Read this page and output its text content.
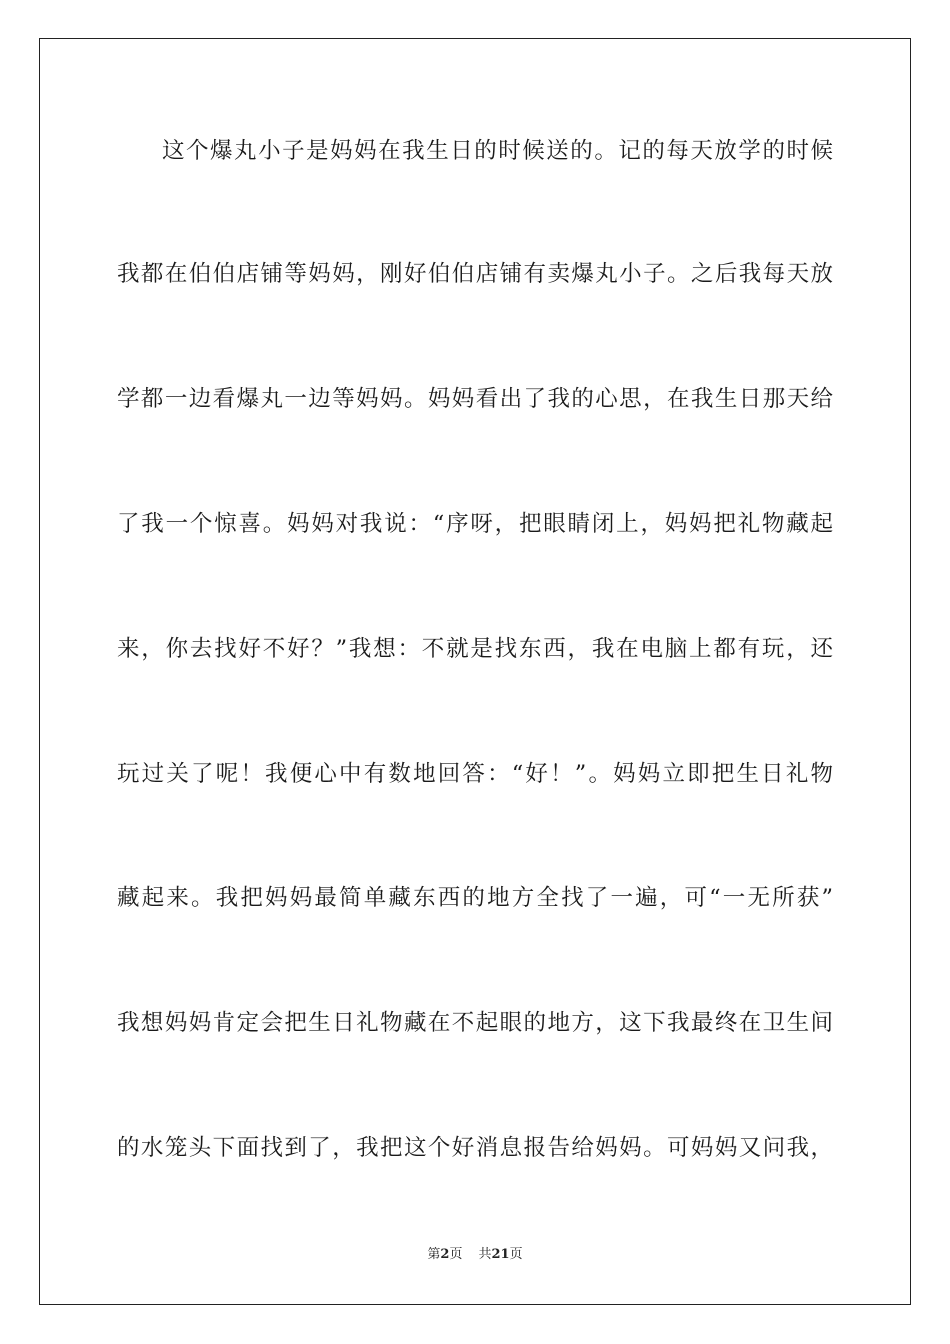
这个爆丸小子是妈妈在我生日的时候送的。记的每天放学的时候
我都在伯伯店铺等妈妈，刚好伯伯店铺有卖爆丸小子。之后我每天放
学都一边看爆丸一边等妈妈。妈妈看出了我的心思，在我生日那天给
了我一个惊喜。妈妈对我说：“序呀，把眼睛闭上，妈妈把礼物藏起
来，你去找好不好？”我想：不就是找东西，我在电脑上都有玩，还
玩过关了呢！我便心中有数地回答：“好！”。妈妈立即把生日礼物
藏起来。我把妈妈最简单藏东西的地方全找了一遍，可“一无所获”
我想妈妈肯定会把生日礼物藏在不起眼的地方，这下我最终在卫生间
的水笼头下面找到了，我把这个好消息报告给妈妈。可妈妈又问我，
第2页 共21页
